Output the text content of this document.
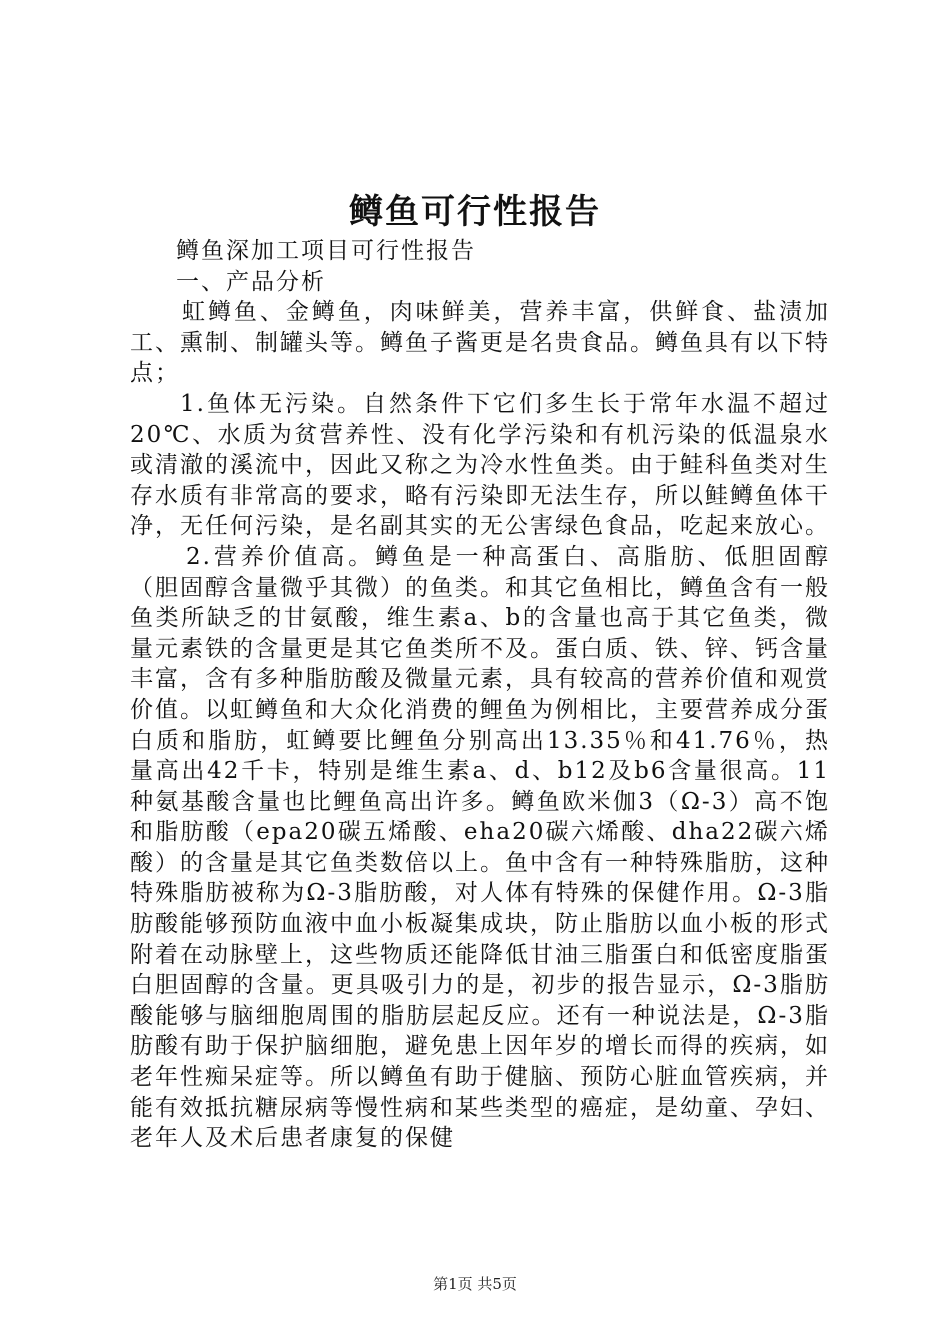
鳟鱼可行性报告

鳟鱼深加工项目可行性报告

一、产品分析

虹鳟鱼、金鳟鱼，肉味鲜美，营养丰富，供鲜食、盐渍加工、熏制、制罐头等。鳟鱼子酱更是名贵食品。鳟鱼具有以下特点；

1.鱼体无污染。自然条件下它们多生长于常年水温不超过20℃、水质为贫营养性、没有化学污染和有机污染的低温泉水或清澈的溪流中，因此又称之为冷水性鱼类。由于鲑科鱼类对生存水质有非常高的要求，略有污染即无法生存，所以鲑鳟鱼体干净，无任何污染，是名副其实的无公害绿色食品，吃起来放心。

2.营养价值高。鳟鱼是一种高蛋白、高脂肪、低胆固醇（胆固醇含量微乎其微）的鱼类。和其它鱼相比，鳟鱼含有一般鱼类所缺乏的甘氨酸，维生素a、b的含量也高于其它鱼类，微量元素铁的含量更是其它鱼类所不及。蛋白质、铁、锌、钙含量丰富，含有多种脂肪酸及微量元素，具有较高的营养价值和观赏价值。以虹鳟鱼和大众化消费的鲤鱼为例相比，主要营养成分蛋白质和脂肪，虹鳟要比鲤鱼分别高出13.35％和41.76％，热量高出42千卡，特别是维生素a、d、b12及b6含量很高。11种氨基酸含量也比鲤鱼高出许多。鳟鱼欧米伽3（Ω-3）高不饱和脂肪酸（epa20碳五烯酸、eha20碳六烯酸、dha22碳六烯酸）的含量是其它鱼类数倍以上。鱼中含有一种特殊脂肪，这种特殊脂肪被称为Ω-3脂肪酸，对人体有特殊的保健作用。Ω-3脂肪酸能够预防血液中血小板凝集成块，防止脂肪以血小板的形式附着在动脉壁上，这些物质还能降低甘油三脂蛋白和低密度脂蛋白胆固醇的含量。更具吸引力的是，初步的报告显示，Ω-3脂肪酸能够与脑细胞周围的脂肪层起反应。还有一种说法是，Ω-3脂肪酸有助于保护脑细胞，避免患上因年岁的增长而得的疾病，如老年性痴呆症等。所以鳟鱼有助于健脑、预防心脏血管疾病，并能有效抵抗糖尿病等慢性病和某些类型的癌症，是幼童、孕妇、老年人及术后患者康复的保健

第1页 共5页
